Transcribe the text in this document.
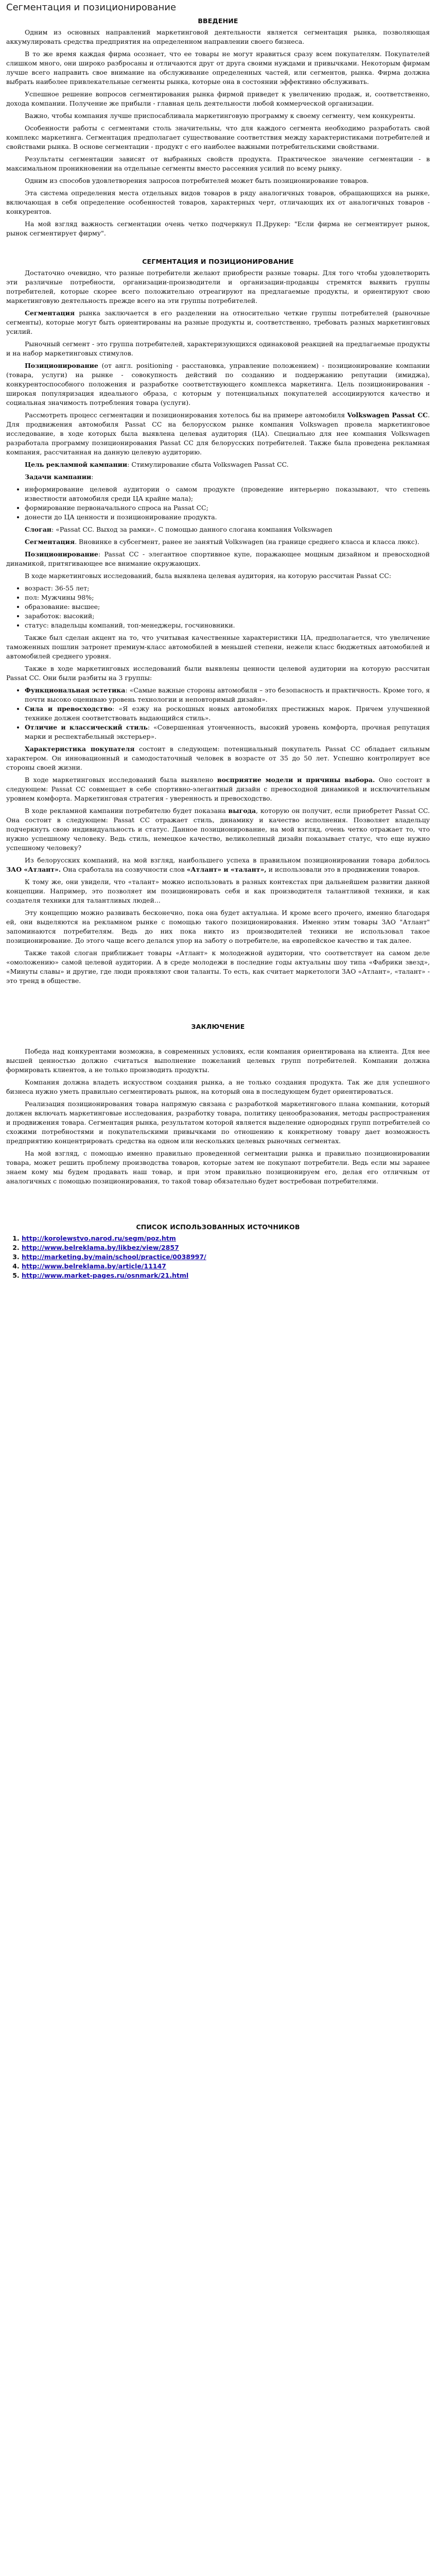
Сегментация и позиционирование
ВВЕДЕНИЕ

Одним из основных направлений маркетинговой деятельности является сегментация рынка, позволяющая аккумулировать средства предприятия на определенном направлении своего бизнеса.

В то же время каждая фирма осознает, что ее товары не могут нравиться сразу всем покупателям. Покупателей слишком много, они широко разбросаны и отличаются друг от друга своими нуждами и привычками. Некоторым фирмам лучше всего направить свое внимание на обслуживание определенных частей, или сегментов, рынка. Фирма должна выбрать наиболее привлекательные сегменты рынка, которые она в состоянии эффективно обслуживать.

Успешное решение вопросов сегментирования рынка фирмой приведет к увеличению продаж, и, соответственно, дохода компании. Получение же прибыли - главная цель деятельности любой коммерческой организации.

Важно, чтобы компания лучше приспосабливала маркетинговую программу к своему сегменту, чем конкуренты.

Особенности работы с сегментами столь значительны, что для каждого сегмента необходимо разработать свой комплекс маркетинга. Сегментация предполагает существование соответствия между характеристиками потребителей и свойствами рынка. В основе сегментации - продукт с его наиболее важными потребительскими свойствами.

Результаты сегментации зависят от выбранных свойств продукта. Практическое значение сегментации - в максимальном проникновении на отдельные сегменты вместо рассеяния усилий по всему рынку.

Одним из способов удовлетворения запросов потребителей может быть позиционирование товаров.

Эта система определения места отдельных видов товаров в ряду аналогичных товаров, обращающихся на рынке, включающая в себя определение особенностей товаров, характерных черт, отличающих их от аналогичных товаров - конкурентов.

На мой взгляд важность сегментации очень четко подчеркнул П.Друкер: "Если фирма не сегментирует рынок, рынок сегментирует фирму".

СЕГМЕНТАЦИЯ И ПОЗИЦИОНИРОВАНИЕ

Достаточно очевидно, что разные потребители желают приобрести разные товары. Для того чтобы удовлетворить эти различные потребности, организации-производители и организации-продавцы стремятся выявить группы потребителей, которые скорее всего положительно отреагируют на предлагаемые продукты, и ориентируют свою маркетинговую деятельность прежде всего на эти группы потребителей.

Сегментация рынка заключается в его разделении на относительно четкие группы потребителей (рыночные сегменты), которые могут быть ориентированы на разные продукты и, соответственно, требовать разных маркетинговых усилий.

Рыночный сегмент - это группа потребителей, характеризующихся одинаковой реакцией на предлагаемые продукты и на набор маркетинговых стимулов.

Позиционирование (от англ. positioning - расстановка, управление положением) - позиционирование компании (товара, услуги) на рынке - совокупность действий по созданию и поддержанию репутации (имиджа), конкурентоспособного положения и разработке соответствующего комплекса маркетинга. Цель позиционирования - широкая популяризация идеального образа, с которым у потенциальных покупателей ассоциируются качество и социальная значимость потребления товара (услуги).

Рассмотреть процесс сегментации и позиционирования хотелось бы на примере автомобиля Volkswagen Passat CC. Для продвижения автомобиля Passat CC на белорусском рынке компания Volkswagen провела маркетинговое исследование, в ходе которых была выявлена целевая аудитория (ЦА). Специально для нее компания Volkswagen разработала программу позиционирования Passat CC для белорусских потребителей. Также была проведена рекламная компания, рассчитанная на данную целевую аудиторию.

Цель рекламной кампании: Стимулирование сбыта Volkswagen Passat CC.

Задачи кампании:

• информирование целевой аудитории о самом продукте (проведение интерьерно показывают, что степень известности автомобиля среди ЦА крайне мала);
• формирование первоначального спроса на Passat CC;
• донести до ЦА ценности и позиционирование продукта.

Слоган: «Passat CC. Выход за рамки». С помощью данного слогана компания Volkswagen

Сегментация. Вновинке в субсегмент, ранее не занятый Volkswagen (на границе среднего класса и класса люкс).

Позиционирование: Passat CC - элегантное спортивное купе, поражающее мощным дизайном и превосходной динамикой, притягивающее все внимание окружающих.

В ходе маркетинговых исследований, была выявлена целевая аудитория, на которую рассчитан Passat CC:

• возраст: 36-55 лет;
• пол: Мужчины 98%;
• образование: высшее;
• заработок: высокий;
• статус: владельцы компаний, топ-менеджеры, госчиновники.

Также был сделан акцент на то, что учитывая качественные характеристики ЦА, предполагается, что увеличение таможенных пошлин затронет премиум-класс автомобилей в меньшей степени, нежели класс бюджетных автомобилей и автомобилей среднего уровня.

Также в ходе маркетинговых исследований были выявлены ценности целевой аудитории на которую рассчитан Passat CC. Они были разбиты на 3 группы:

• Функциональная эстетика: «Самые важные стороны автомобиля – это безопасность и практичность. Кроме того, я почти высоко оцениваю уровень технологии и неповторимый дизайн».
• Сила и превосходство: «Я езжу на роскошных новых автомобилях престижных марок. Причем улучшенной технике должен соответствовать выдающийся стиль».
• Отличие и классический стиль: «Совершенная утонченность, высокий уровень комфорта, прочная репутация марки и респектабельный экстерьер».

Характеристика покупателя состоит в следующем: потенциальный покупатель Passat CC обладает сильным характером. Он инновационный и самодостаточный человек в возрасте от 35 до 50 лет. Успешно контролирует все стороны своей жизни.

В ходе маркетинговых исследований была выявлено восприятие модели и причины выбора. Оно состоит в следующем: Passat CC совмещает в себе спортивно-элегантный дизайн с превосходной динамикой и исключительным уровнем комфорта. Маркетинговая стратегия - уверенность и превосходство.

В ходе рекламной кампании потребителю будет показана выгода, которую он получит, если приобретет Passat CC. Она состоит в следующем: Passat CC отражает стиль, динамику и качество исполнения. Позволяет владельцу подчеркнуть свою индивидуальность и статус. Данное позиционирование, на мой взгляд, очень четко отражает то, что нужно успешному человеку. Ведь стиль, немецкое качество, великолепный дизайн показывает статус, что еще нужно успешному человеку?

Из белорусских компаний, на мой взгляд, наибольшего успеха в правильном позиционировании товара добилось ЗАО «Атлант». Она сработала на созвучности слов «Атлант» и «талант», и использовали это в продвижении товаров.

К тому же, они увидели, что «талант» можно использовать в разных контекстах при дальнейшем развитии данной концепции. Например, это позволяет им позиционировать себя и как производителя талантливой техники, и как создателя техники для талантливых людей...

Эту концепцию можно развивать бесконечно, пока она будет актуальна. И кроме всего прочего, именно благодаря ей, они выделяются на рекламном рынке с помощью такого позиционирования. Именно этим товары ЗАО "Атлант" запоминаются потребителям. Ведь до них пока никто из производителей техники не использовал такое позиционирование. До этого чаще всего делался упор на заботу о потребителе, на европейское качество и так далее.

Также такой слоган приближает товары «Атлант» к молодежной аудитории, что соответствует на самом деле «омоложению» самой целевой аудитории. А в среде молодежи в последние годы актуальны шоу типа «Фабрики звезд», «Минуты славы» и другие, где люди проявляют свои таланты. То есть, как считает маркетологи ЗАО «Атлант», «талант» - это тренд в обществе.

ЗАКЛЮЧЕНИЕ

Победа над конкурентами возможна, в современных условиях, если компания ориентирована на клиента. Для нее высшей ценностью должно считаться выполнение пожеланий целевых групп потребителей. Компании должна формировать клиентов, а не только производить продукты.

Компания должна владеть искусством создания рынка, а не только создания продукта. Так же для успешного бизнеса нужно уметь правильно сегментировать рынок, на который она в последующем будет ориентироваться.

Реализация позиционирования товара напрямую связана с разработкой маркетингового плана компании, который должен включать маркетинговые исследования, разработку товара, политику ценообразования, методы распространения и продвижения товара. Сегментация рынка, результатом которой является выделение однородных групп потребителей со схожими потребностями и покупательскими привычками по отношению к конкретному товару дает возможность предприятию концентрировать средства на одном или нескольких целевых рыночных сегментах.

На мой взгляд, с помощью именно правильно проведенной сегментации рынка и правильно позиционировании товара, может решить проблему производства товаров, которые затем не покупают потребители. Ведь если мы заранее знаем кому мы будем продавать наш товар, и при этом правильно позиционируем его, делая его отличным от аналогичных с помощью позиционирования, то такой товар обязательно будет востребован потребителями.

СПИСОК ИСПОЛЬЗОВАННЫХ ИСТОЧНИКОВ
1. http://korolewstvo.narod.ru/segm/poz.htm
2. http://www.belreklama.by/likbez/view/2857
3. http://marketing.by/main/school/practice/0038997/
4. http://www.belreklama.by/article/11147
5. http://www.market-pages.ru/osnmark/21.html
